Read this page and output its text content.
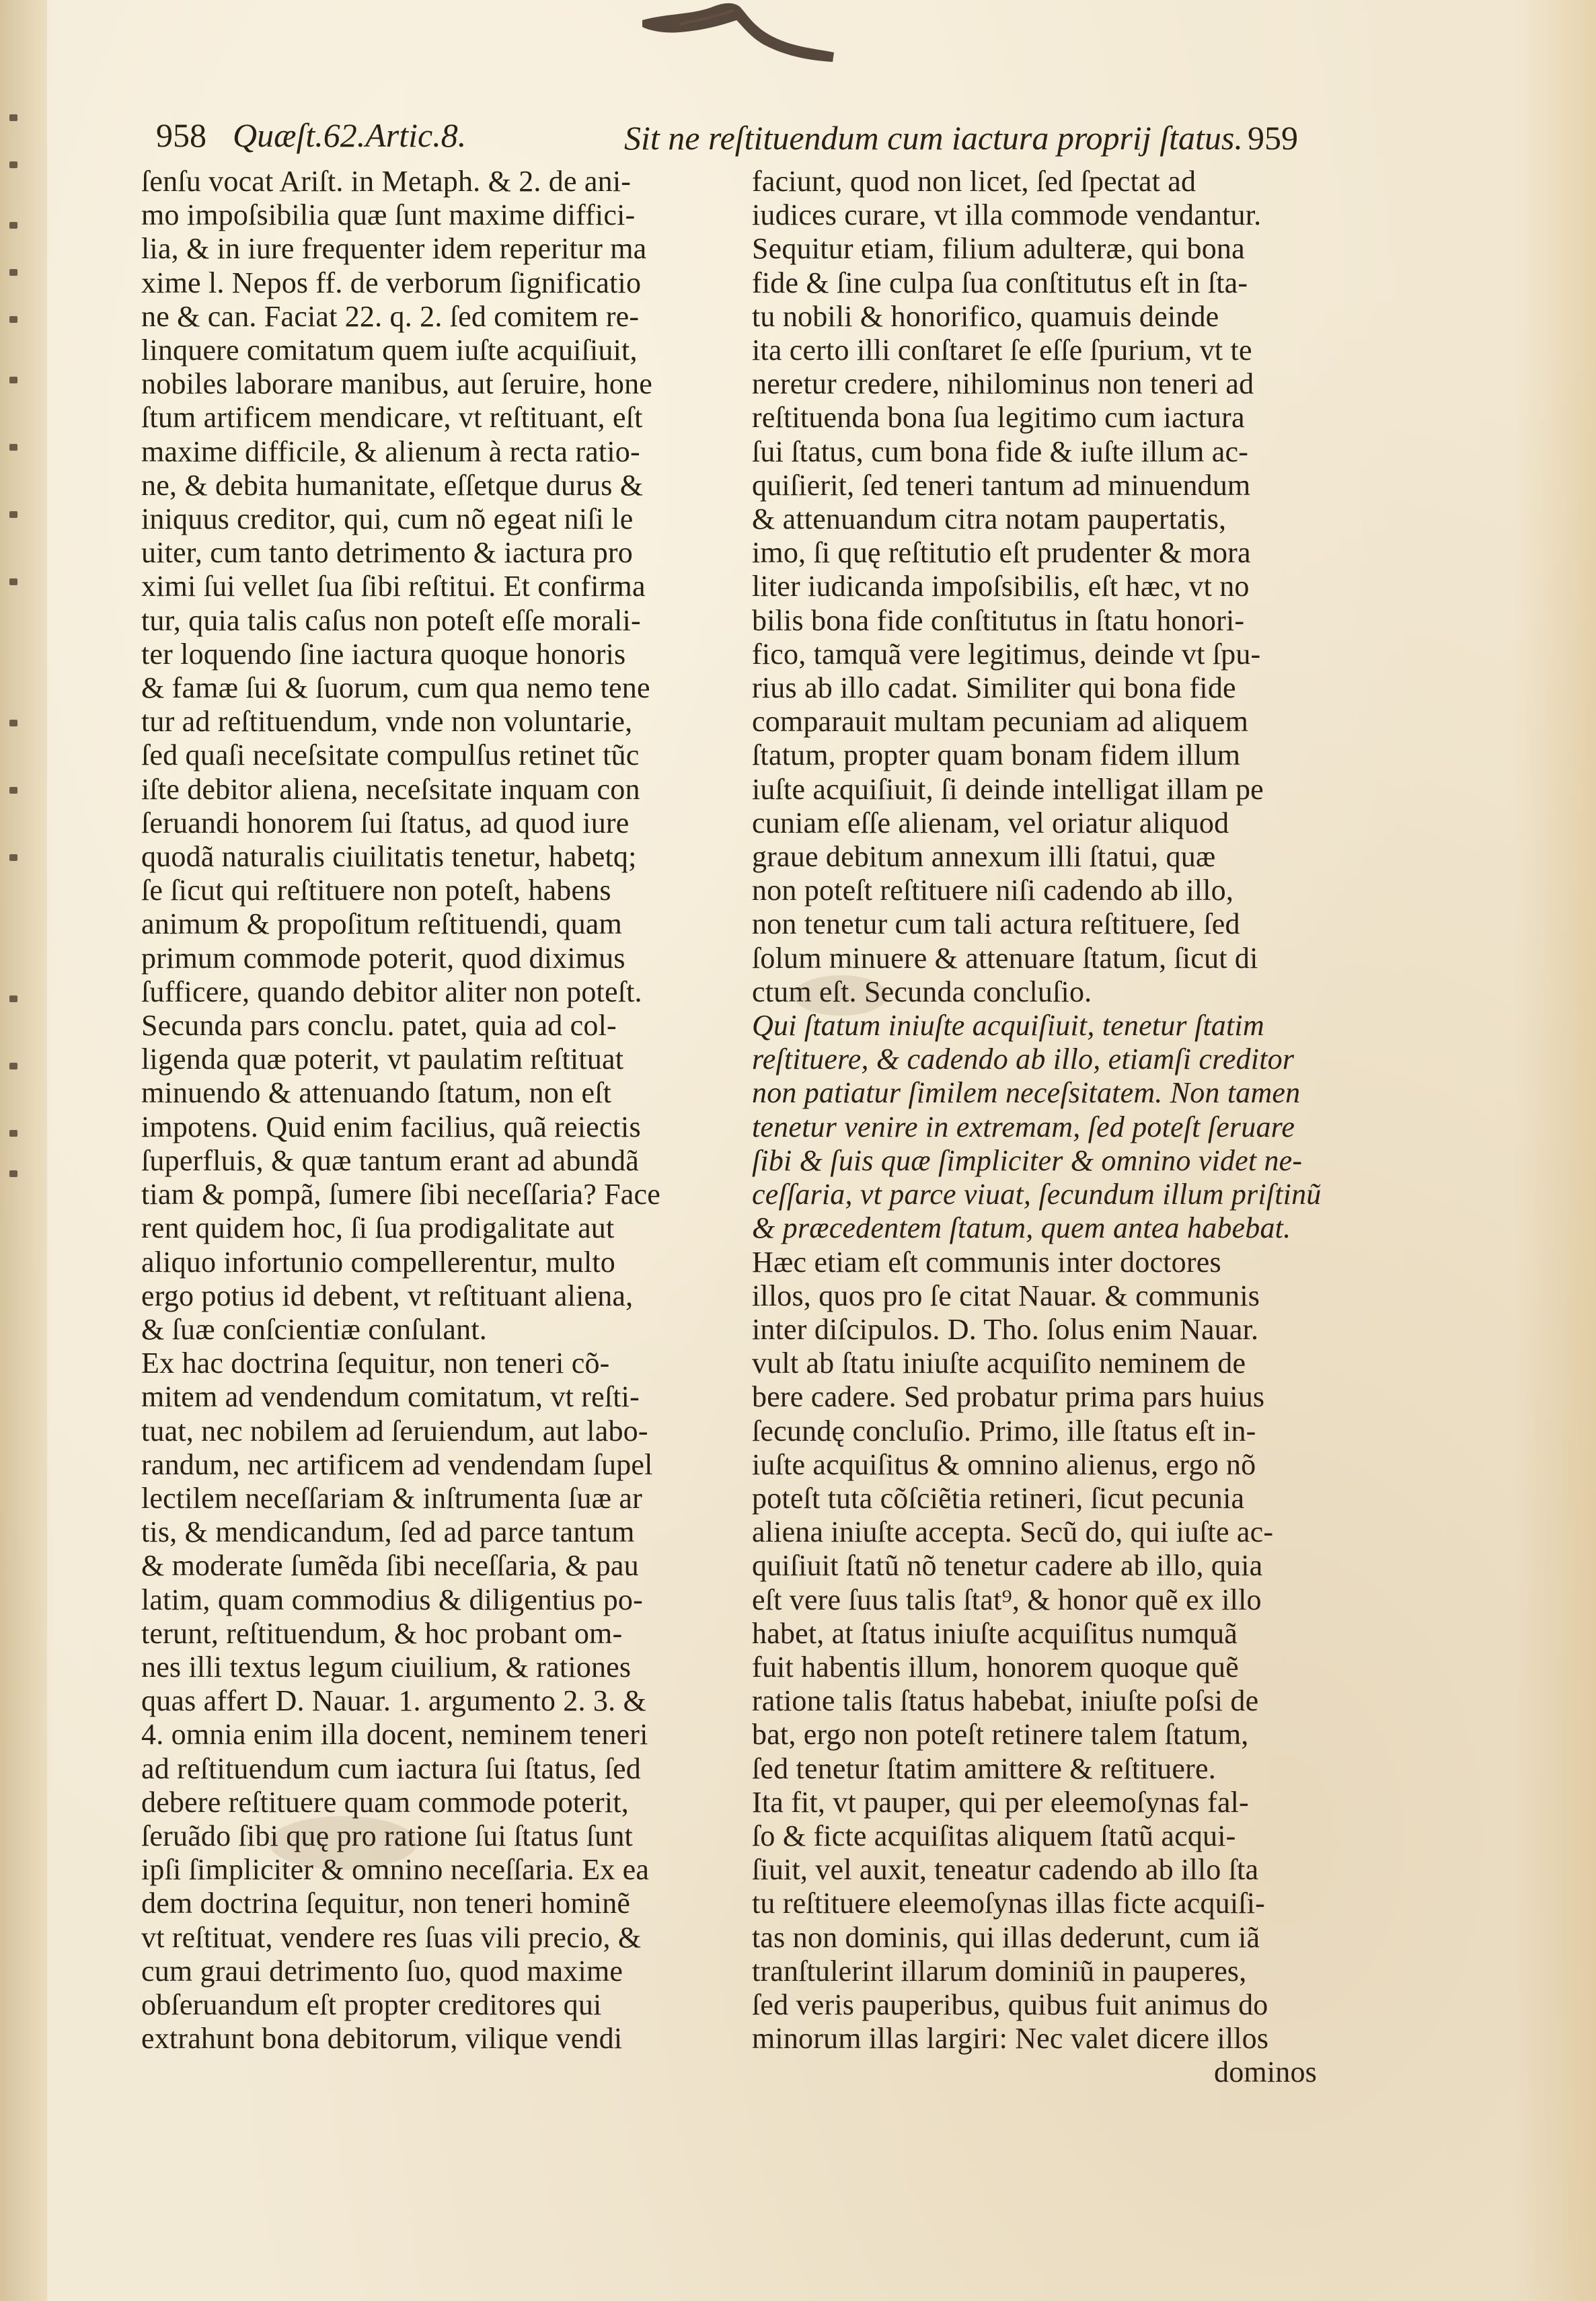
958 Quæſt.62.Artic.8.	Sit ne reſtituendum cum iactura proprij ſtatus. 959
ſenſu vocat Ariſt. in Metaph. & 2. de ani-
mo impoſsibilia quæ ſunt maxime diffici-
lia, & in iure frequenter idem reperitur ma
xime l. Nepos ff. de verborum ſignificatio
ne & can. Faciat 22. q. 2. ſed comitem re-
linquere comitatum quem iuſte acquiſiuit,
nobiles laborare manibus, aut ſeruire, hone
ſtum artificem mendicare, vt reſtituant, eſt
maxime difficile, & alienum à recta ratio-
ne, & debita humanitate, eſſetque durus &
iniquus creditor, qui, cum nõ egeat niſi le
uiter, cum tanto detrimento & iactura pro
ximi ſui vellet ſua ſibi reſtitui. Et confirma
tur, quia talis caſus non poteſt eſſe morali-
ter loquendo ſine iactura quoque honoris
& famæ ſui & ſuorum, cum qua nemo tene
tur ad reſtituendum, vnde non voluntarie,
ſed quaſi neceſsitate compulſus retinet tũc
iſte debitor aliena, neceſsitate inquam con
ſeruandi honorem ſui ſtatus, ad quod iure
quodã naturalis ciuilitatis tenetur, habetq;
ſe ſicut qui reſtituere non poteſt, habens
animum & propoſitum reſtituendi, quam
primum commode poterit, quod diximus
ſufficere, quando debitor aliter non poteſt.
Secunda pars conclu. patet, quia ad col-
ligenda quæ poterit, vt paulatim reſtituat
minuendo & attenuando ſtatum, non eſt
impotens. Quid enim facilius, quã reiectis
ſuperfluis, & quæ tantum erant ad abundã
tiam & pompã, ſumere ſibi neceſſaria? Face
rent quidem hoc, ſi ſua prodigalitate aut
aliquo infortunio compellerentur, multo
ergo potius id debent, vt reſtituant aliena,
& ſuæ conſcientiæ conſulant.
Ex hac doctrina ſequitur, non teneri cõ-
mitem ad vendendum comitatum, vt reſti-
tuat, nec nobilem ad ſeruiendum, aut labo-
randum, nec artificem ad vendendam ſupel
lectilem neceſſariam & inſtrumenta ſuæ ar
tis, & mendicandum, ſed ad parce tantum
& moderate ſumẽda ſibi neceſſaria, & pau
latim, quam commodius & diligentius po-
terunt, reſtituendum, & hoc probant om-
nes illi textus legum ciuilium, & rationes
quas affert D. Nauar. 1. argumento 2. 3. &
4. omnia enim illa docent, neminem teneri
ad reſtituendum cum iactura ſui ſtatus, ſed
debere reſtituere quam commode poterit,
ſeruãdo ſibi quę pro ratione ſui ſtatus ſunt
ipſi ſimpliciter & omnino neceſſaria. Ex ea
dem doctrina ſequitur, non teneri hominẽ
vt reſtituat, vendere res ſuas vili precio, &
cum graui detrimento ſuo, quod maxime
obſeruandum eſt propter creditores qui
extrahunt bona debitorum, vilique vendi
faciunt, quod non licet, ſed ſpectat ad
iudices curare, vt illa commode vendantur.
Sequitur etiam, filium adulteræ, qui bona
fide & ſine culpa ſua conſtitutus eſt in ſta-
tu nobili & honorifico, quamuis deinde
ita certo illi conſtaret ſe eſſe ſpurium, vt te
neretur credere, nihilominus non teneri ad
reſtituenda bona ſua legitimo cum iactura
ſui ſtatus, cum bona fide & iuſte illum ac-
quiſierit, ſed teneri tantum ad minuendum
& attenuandum citra notam paupertatis,
imo, ſi quę reſtitutio eſt prudenter & mora
liter iudicanda impoſsibilis, eſt hæc, vt no
bilis bona fide conſtitutus in ſtatu honori-
fico, tamquã vere legitimus, deinde vt ſpu-
rius ab illo cadat. Similiter qui bona fide
comparauit multam pecuniam ad aliquem
ſtatum, propter quam bonam fidem illum
iuſte acquiſiuit, ſi deinde intelligat illam pe
cuniam eſſe alienam, vel oriatur aliquod
graue debitum annexum illi ſtatui, quæ
non poteſt reſtituere niſi cadendo ab illo,
non tenetur cum tali actura reſtituere, ſed
ſolum minuere & attenuare ſtatum, ſicut di
ctum eſt. Secunda concluſio.
Qui ſtatum iniuſte acquiſiuit, tenetur ſtatim
reſtituere, & cadendo ab illo, etiamſi creditor
non patiatur ſimilem neceſsitatem. Non tamen
tenetur venire in extremam, ſed poteſt ſeruare
ſibi & ſuis quæ ſimpliciter & omnino videt ne-
ceſſaria, vt parce viuat, ſecundum illum priſtinũ
& præcedentem ſtatum, quem antea habebat.
Hæc etiam eſt communis inter doctores
illos, quos pro ſe citat Nauar. & communis
inter diſcipulos. D. Tho. ſolus enim Nauar.
vult ab ſtatu iniuſte acquiſito neminem de
bere cadere. Sed probatur prima pars huius
ſecundę concluſio. Primo, ille ſtatus eſt in-
iuſte acquiſitus & omnino alienus, ergo nõ
poteſt tuta cõſciẽtia retineri, ſicut pecunia
aliena iniuſte accepta. Secũ do, qui iuſte ac-
quiſiuit ſtatũ nõ tenetur cadere ab illo, quia
eſt vere ſuus talis ſtat⁹, & honor quẽ ex illo
habet, at ſtatus iniuſte acquiſitus numquã
fuit habentis illum, honorem quoque quẽ
ratione talis ſtatus habebat, iniuſte poſsi de
bat, ergo non poteſt retinere talem ſtatum,
ſed tenetur ſtatim amittere & reſtituere.
Ita fit, vt pauper, qui per eleemoſynas fal-
ſo & ficte acquiſitas aliquem ſtatũ acqui-
ſiuit, vel auxit, teneatur cadendo ab illo ſta
tu reſtituere eleemoſynas illas ficte acquiſi-
tas non dominis, qui illas dederunt, cum iã
tranſtulerint illarum dominiũ in pauperes,
ſed veris pauperibus, quibus fuit animus do
minorum illas largiri: Nec valet dicere illos
dominos
